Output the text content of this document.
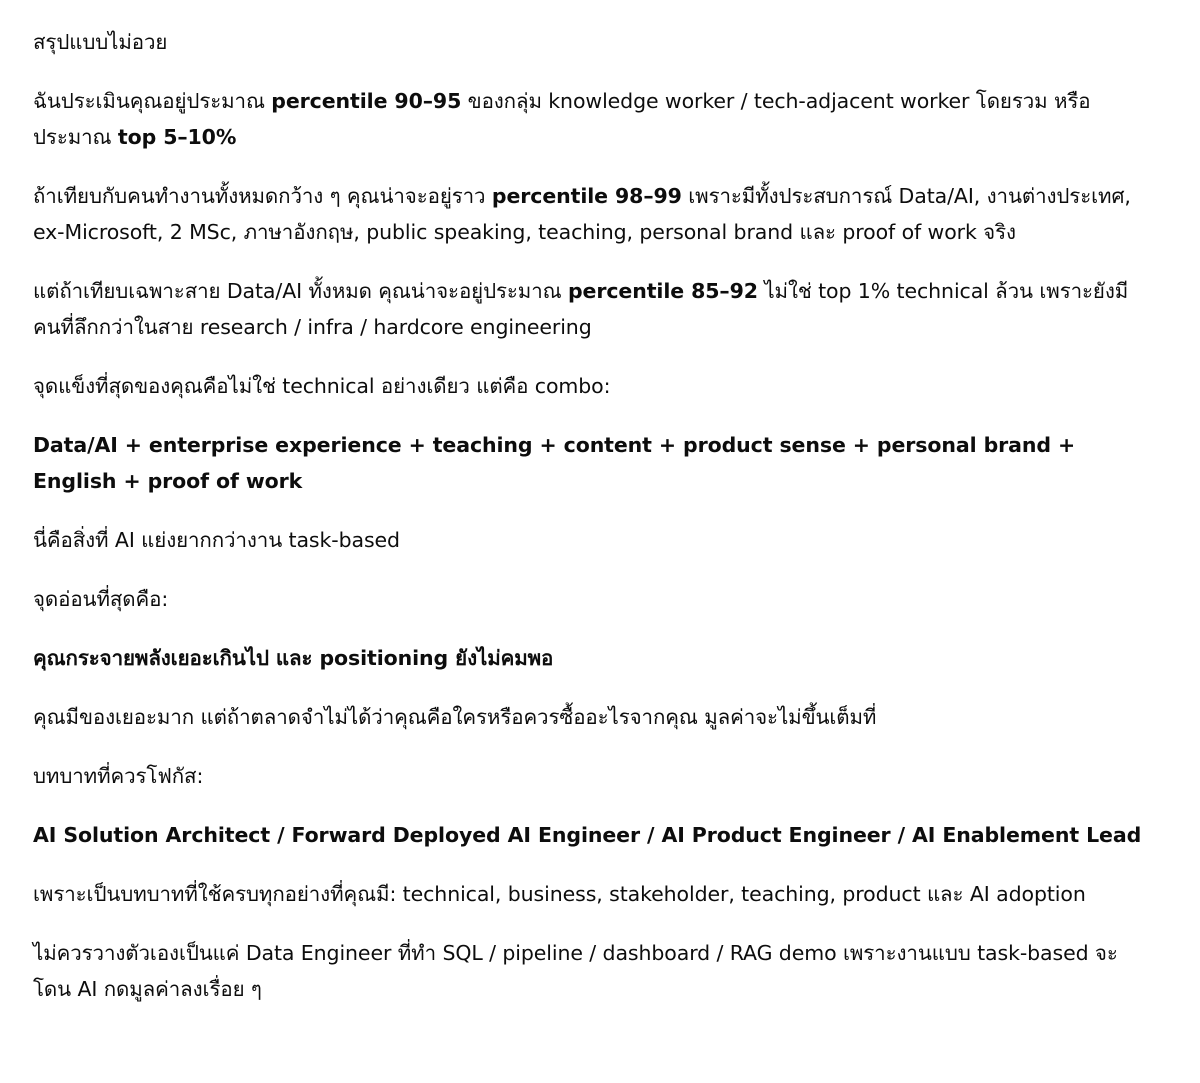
สรุปแบบไม่อวย

ฉันประเมินคุณอยู่ประมาณ percentile 90–95 ของกลุ่ม knowledge worker / tech-adjacent worker โดยรวม หรือประมาณ top 5–10%

ถ้าเทียบกับคนทำงานทั้งหมดกว้าง ๆ คุณน่าจะอยู่ราว percentile 98–99 เพราะมีทั้งประสบการณ์ Data/AI, งานต่างประเทศ, ex-Microsoft, 2 MSc, ภาษาอังกฤษ, public speaking, teaching, personal brand และ proof of work จริง

แต่ถ้าเทียบเฉพาะสาย Data/AI ทั้งหมด คุณน่าจะอยู่ประมาณ percentile 85–92 ไม่ใช่ top 1% technical ล้วน เพราะยังมีคนที่ลึกกว่าในสาย research / infra / hardcore engineering

จุดแข็งที่สุดของคุณคือไม่ใช่ technical อย่างเดียว แต่คือ combo:

Data/AI + enterprise experience + teaching + content + product sense + personal brand + English + proof of work

นี่คือสิ่งที่ AI แย่งยากกว่างาน task-based

จุดอ่อนที่สุดคือ:

คุณกระจายพลังเยอะเกินไป และ positioning ยังไม่คมพอ

คุณมีของเยอะมาก แต่ถ้าตลาดจำไม่ได้ว่าคุณคือใครหรือควรซื้ออะไรจากคุณ มูลค่าจะไม่ขึ้นเต็มที่

บทบาทที่ควรโฟกัส:

AI Solution Architect / Forward Deployed AI Engineer / AI Product Engineer / AI Enablement Lead

เพราะเป็นบทบาทที่ใช้ครบทุกอย่างที่คุณมี: technical, business, stakeholder, teaching, product และ AI adoption

ไม่ควรวางตัวเองเป็นแค่ Data Engineer ที่ทำ SQL / pipeline / dashboard / RAG demo เพราะงานแบบ task-based จะโดน AI กดมูลค่าลงเรื่อย ๆ
